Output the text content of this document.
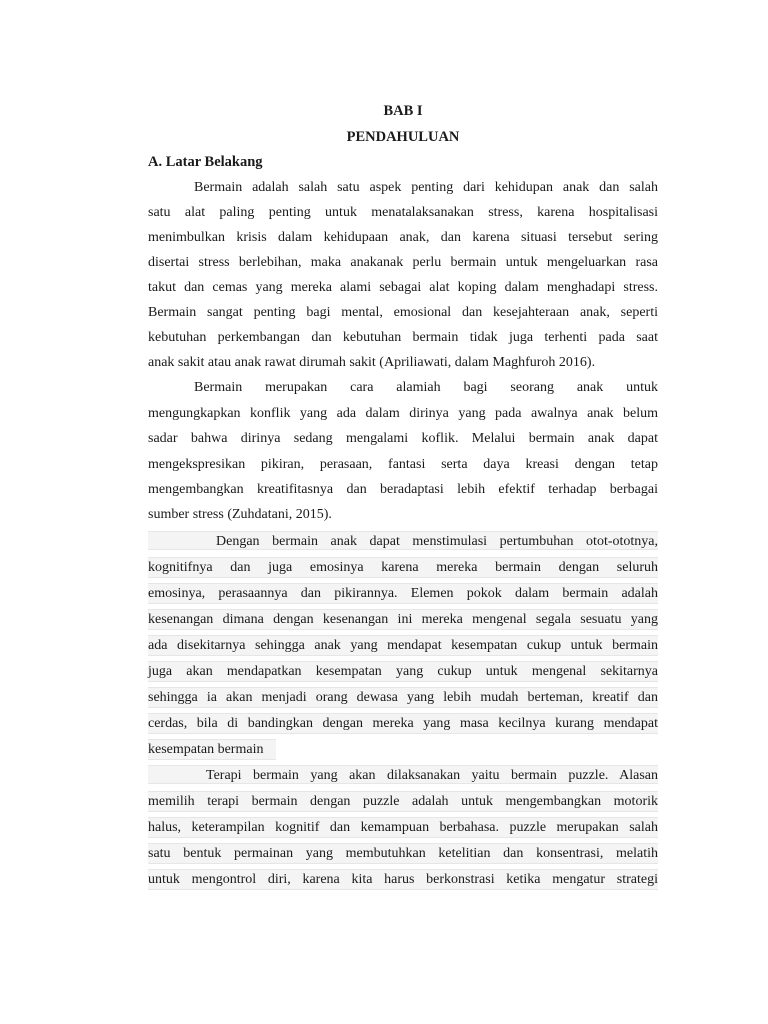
BAB I
PENDAHULUAN
A. Latar Belakang
Bermain adalah salah satu aspek penting dari kehidupan anak dan salah
satu alat paling penting untuk menatalaksanakan stress, karena hospitalisasi
menimbulkan krisis dalam kehidupaan anak, dan karena situasi tersebut sering
disertai stress berlebihan, maka anakanak perlu bermain untuk mengeluarkan rasa
takut dan cemas yang mereka alami sebagai alat koping dalam menghadapi stress.
Bermain sangat penting bagi mental, emosional dan kesejahteraan anak, seperti
kebutuhan perkembangan dan kebutuhan bermain tidak juga terhenti pada saat
anak sakit atau anak rawat dirumah sakit (Apriliawati, dalam Maghfuroh 2016).
Bermain merupakan cara alamiah bagi seorang anak untuk
mengungkapkan konflik yang ada dalam dirinya yang pada awalnya anak belum
sadar bahwa dirinya sedang mengalami koflik. Melalui bermain anak dapat
mengekspresikan pikiran, perasaan, fantasi serta daya kreasi dengan tetap
mengembangkan kreatifitasnya dan beradaptasi lebih efektif terhadap berbagai
sumber stress (Zuhdatani, 2015).
Dengan bermain anak dapat menstimulasi pertumbuhan otot-ototnya,
kognitifnya dan juga emosinya karena mereka bermain dengan seluruh
emosinya, perasaannya dan pikirannya. Elemen pokok dalam bermain adalah
kesenangan dimana dengan kesenangan ini mereka mengenal segala sesuatu yang
ada disekitarnya sehingga anak yang mendapat kesempatan cukup untuk bermain
juga akan mendapatkan kesempatan yang cukup untuk mengenal sekitarnya
sehingga ia akan menjadi orang dewasa yang lebih mudah berteman, kreatif dan
cerdas, bila di bandingkan dengan mereka yang masa kecilnya kurang mendapat
kesempatan bermain
Terapi bermain yang akan dilaksanakan yaitu bermain puzzle. Alasan
memilih terapi bermain dengan puzzle adalah untuk mengembangkan motorik
halus, keterampilan kognitif dan kemampuan berbahasa. puzzle merupakan salah
satu bentuk permainan yang membutuhkan ketelitian dan konsentrasi, melatih
untuk mengontrol diri, karena kita harus berkonstrasi ketika mengatur strategi
